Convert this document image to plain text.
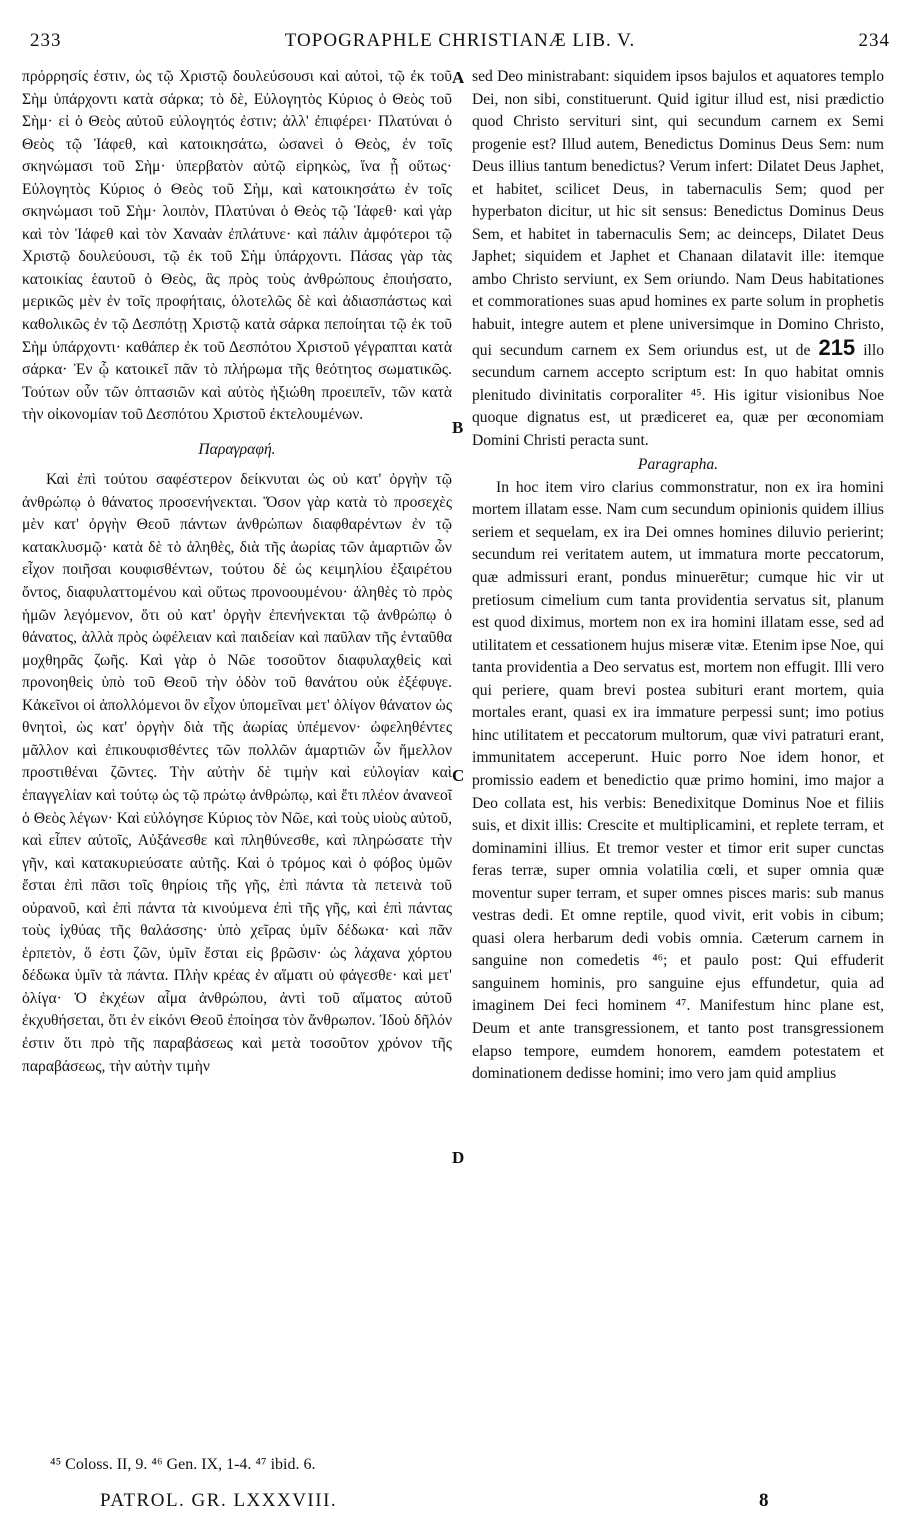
233	TOPOGRAPHLE CHRISTIANÆ LIB. V.	234

πρόρρησίς ἐστιν, ὡς τῷ Χριστῷ δουλεύσουσι καὶ αὐτοὶ, τῷ ἐκ τοῦ Σὴμ ὑπάρχοντι κατὰ σάρκα; τὸ δὲ, Εὐλογητὸς Κύριος ὁ Θεὸς τοῦ Σὴμ· εἰ ὁ Θεὸς αὐτοῦ εὐλογητός ἐστιν; ἀλλ' ἐπιφέρει· Πλατύναι ὁ Θεὸς τῷ Ἰάφεθ, καὶ κατοικησάτω, ὡσανεὶ ὁ Θεὸς, ἐν τοῖς σκηνώμασι τοῦ Σὴμ· ὑπερβατὸν αὐτῷ εἰρηκὼς, ἵνα ᾖ οὕτως· Εὐλογητὸς Κύριος ὁ Θεὸς τοῦ Σὴμ, καὶ κατοικησάτω ἐν τοῖς σκηνώμασι τοῦ Σὴμ· λοιπὸν, Πλατύναι ὁ Θεὸς τῷ Ἰάφεθ· καὶ γὰρ καὶ τὸν Ἰάφεθ καὶ τὸν Χαναὰν ἐπλάτυνε· καὶ πάλιν ἀμφότεροι τῷ Χριστῷ δουλεύουσι, τῷ ἐκ τοῦ Σὴμ ὑπάρχοντι. Πάσας γὰρ τὰς κατοικίας ἑαυτοῦ ὁ Θεὸς, ἃς πρὸς τοὺς ἀνθρώπους ἐποιήσατο, μερικῶς μὲν ἐν τοῖς προφήταις, ὁλοτελῶς δὲ καὶ ἀδιασπάστως καὶ καθολικῶς ἐν τῷ Δεσπότῃ Χριστῷ κατὰ σάρκα πεποίηται τῷ ἐκ τοῦ Σὴμ ὑπάρχοντι· καθάπερ ἐκ τοῦ Δεσπότου Χριστοῦ γέγραπται κατὰ σάρκα· Ἐν ᾧ κατοικεῖ πᾶν τὸ πλήρωμα τῆς θεότητος σωματικῶς. Τούτων οὖν τῶν ὀπτασιῶν καὶ αὐτὸς ἠξιώθη προειπεῖν, τῶν κατὰ τὴν οἰκονομίαν τοῦ Δεσπότου Χριστοῦ ἐκτελουμένων.

Παραγραφή.

Καὶ ἐπὶ τούτου σαφέστερον δείκνυται ὡς οὐ κατ' ὀργὴν τῷ ἀνθρώπῳ ὁ θάνατος προσενήνεκται. Ὅσον γὰρ κατὰ τὸ προσεχὲς μὲν κατ' ὀργὴν Θεοῦ πάντων ἀνθρώπων διαφθαρέντων ἐν τῷ κατακλυσμῷ· κατὰ δὲ τὸ ἀληθὲς, διὰ τῆς ἀωρίας τῶν ἁμαρτιῶν ὧν εἶχον ποιῆσαι κουφισθέντων, τούτου δὲ ὡς κειμηλίου ἐξαιρέτου ὄντος, διαφυλαττομένου καὶ οὕτως προνοουμένου· ἀληθὲς τὸ πρὸς ἡμῶν λεγόμενον, ὅτι οὐ κατ' ὀργὴν ἐπενήνεκται τῷ ἀνθρώπῳ ὁ θάνατος, ἀλλὰ πρὸς ὠφέλειαν καὶ παιδείαν καὶ παῦλαν τῆς ἐνταῦθα μοχθηρᾶς ζωῆς. Καὶ γὰρ ὁ Νῶε τοσοῦτον διαφυλαχθεὶς καὶ προνοηθεὶς ὑπὸ τοῦ Θεοῦ τὴν ὁδὸν τοῦ θανάτου οὐκ ἐξέφυγε. Κἀκεῖνοι οἱ ἀπολλόμενοι ὃν εἶχον ὑπομεῖναι μετ' ὀλίγον θάνατον ὡς θνητοὶ, ὡς κατ' ὀργὴν διὰ τῆς ἀωρίας ὑπέμενον· ὠφεληθέντες μᾶλλον καὶ ἐπικουφισθέντες τῶν πολλῶν ἁμαρτιῶν ὧν ἤμελλον προστιθέναι ζῶντες. Τὴν αὐτὴν δὲ τιμὴν καὶ εὐλογίαν καὶ ἐπαγγελίαν καὶ τούτῳ ὡς τῷ πρώτῳ ἀνθρώπῳ, καὶ ἔτι πλέον ἀνανεοῖ ὁ Θεὸς λέγων· Καὶ εὐλόγησε Κύριος τὸν Νῶε, καὶ τοὺς υἱοὺς αὐτοῦ, καὶ εἶπεν αὐτοῖς, Αὐξάνεσθε καὶ πληθύνεσθε, καὶ πληρώσατε τὴν γῆν, καὶ κατακυριεύσατε αὐτῆς. Καὶ ὁ τρόμος καὶ ὁ φόβος ὑμῶν ἔσται ἐπὶ πᾶσι τοῖς θηρίοις τῆς γῆς, ἐπὶ πάντα τὰ πετεινὰ τοῦ οὐρανοῦ, καὶ ἐπὶ πάντα τὰ κινούμενα ἐπὶ τῆς γῆς, καὶ ἐπὶ πάντας τοὺς ἰχθύας τῆς θαλάσσης· ὑπὸ χεῖρας ὑμῖν δέδωκα· καὶ πᾶν ἑρπετὸν, ὅ ἐστι ζῶν, ὑμῖν ἔσται εἰς βρῶσιν· ὡς λάχανα χόρτου δέδωκα ὑμῖν τὰ πάντα. Πλὴν κρέας ἐν αἵματι οὐ φάγεσθε· καὶ μετ' ὀλίγα· Ὁ ἐκχέων αἷμα ἀνθρώπου, ἀντὶ τοῦ αἵματος αὐτοῦ ἐκχυθήσεται, ὅτι ἐν εἰκόνι Θεοῦ ἐποίησα τὸν ἄνθρωπον. Ἰδοὺ δῆλόν ἐστιν ὅτι πρὸ τῆς παραβάσεως καὶ μετὰ τοσοῦτον χρόνον τῆς παραβάσεως, τὴν αὐτὴν τιμὴν

A
B
C
D

sed Deo ministrabant: siquidem ipsos bajulos et aquatores templo Dei, non sibi, constituerunt. Quid igitur illud est, nisi prædictio quod Christo servituri sint, qui secundum carnem ex Semi progenie est? Illud autem, Benedictus Dominus Deus Sem: num Deus illius tantum benedictus? Verum infert: Dilatet Deus Japhet, et habitet, scilicet Deus, in tabernaculis Sem; quod per hyperbaton dicitur, ut hic sit sensus: Benedictus Dominus Deus Sem, et habitet in tabernaculis Sem; ac deinceps, Dilatet Deus Japhet; siquidem et Japhet et Chanaan dilatavit ille: itemque ambo Christo serviunt, ex Sem oriundo. Nam Deus habitationes et commorationes suas apud homines ex parte solum in prophetis habuit, integre autem et plene universimque in Domino Christo, qui secundum carnem ex Sem oriundus est, ut de 215 illo secundum carnem accepto scriptum est: In quo habitat omnis plenitudo divinitatis corporaliter ⁴⁵. His igitur visionibus Noe quoque dignatus est, ut prædiceret ea, quæ per œconomiam Domini Christi peracta sunt.

Paragrapha.

In hoc item viro clarius commonstratur, non ex ira homini mortem illatam esse. Nam cum secundum opinionis quidem illius seriem et sequelam, ex ira Dei omnes homines diluvio perierint; secundum rei veritatem autem, ut immatura morte peccatorum, quæ admissuri erant, pondus minuerētur; cumque hic vir ut pretiosum cimelium cum tanta providentia servatus sit, planum est quod diximus, mortem non ex ira homini illatam esse, sed ad utilitatem et cessationem hujus miseræ vitæ. Etenim ipse Noe, qui tanta providentia a Deo servatus est, mortem non effugit. Illi vero qui periere, quam brevi postea subituri erant mortem, quia mortales erant, quasi ex ira immature perpessi sunt; imo potius hinc utilitatem et peccatorum multorum, quæ vivi patraturi erant, immunitatem acceperunt. Huic porro Noe idem honor, et promissio eadem et benedictio quæ primo homini, imo major a Deo collata est, his verbis: Benedixitque Dominus Noe et filiis suis, et dixit illis: Crescite et multiplicamini, et replete terram, et dominamini illius. Et tremor vester et timor erit super cunctas feras terræ, super omnia volatilia cœli, et super omnia quæ moventur super terram, et super omnes pisces maris: sub manus vestras dedi. Et omne reptile, quod vivit, erit vobis in cibum; quasi olera herbarum dedi vobis omnia. Cæterum carnem in sanguine non comedetis ⁴⁶; et paulo post: Qui effuderit sanguinem hominis, pro sanguine ejus effundetur, quia ad imaginem Dei feci hominem ⁴⁷. Manifestum hinc plane est, Deum et ante transgressionem, et tanto post transgressionem elapso tempore, eumdem honorem, eamdem potestatem et dominationem dedisse homini; imo vero jam quid amplius

⁴⁵ Coloss. II, 9. ⁴⁶ Gen. IX, 1-4. ⁴⁷ ibid. 6.
PATROL. GR. LXXXVIII.	8
